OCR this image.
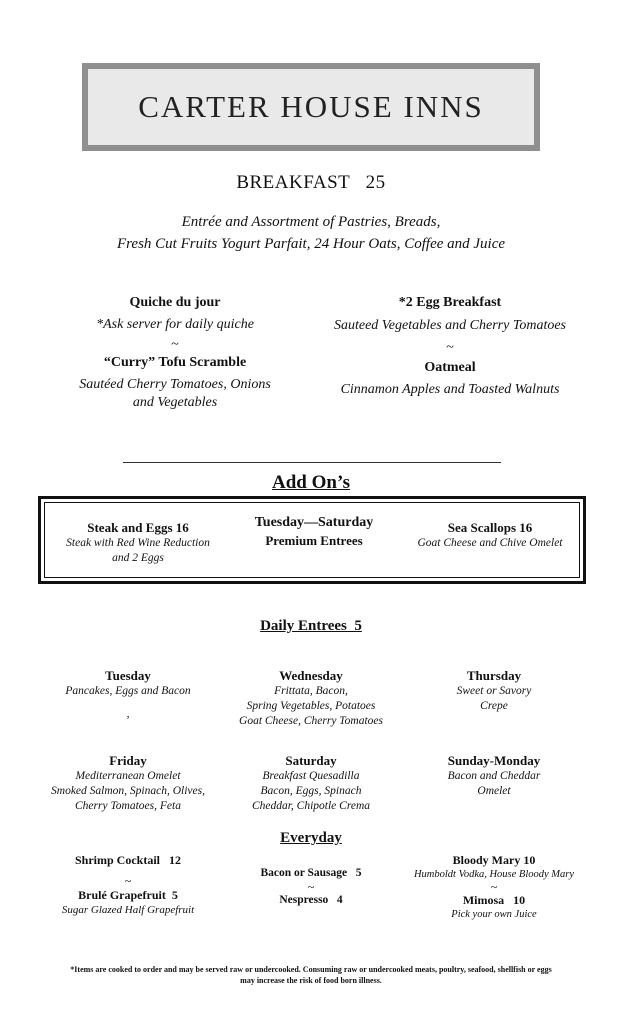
CARTER HOUSE INNS
BREAKFAST   25
Entrée and Assortment of Pastries, Breads,
Fresh Cut Fruits Yogurt Parfait, 24 Hour Oats, Coffee and Juice
Quiche du jour
*Ask server for daily quiche
~
“Curry” Tofu Scramble
Sautéed Cherry Tomatoes, Onions
and Vegetables
*2 Egg Breakfast
Sauteed Vegetables and Cherry Tomatoes
~
Oatmeal
Cinnamon Apples and Toasted Walnuts
Add On’s
Steak and Eggs 16
Steak with Red Wine Reduction
and 2 Eggs
Tuesday—Saturday
Premium Entrees
Sea Scallops 16
Goat Cheese and Chive Omelet
Daily Entrees  5
Tuesday
Pancakes, Eggs and Bacon
,
Wednesday
Frittata, Bacon,
Spring Vegetables, Potatoes
Goat Cheese, Cherry Tomatoes
Thursday
Sweet or Savory
Crepe
Friday
Mediterranean Omelet
Smoked Salmon, Spinach, Olives,
Cherry Tomatoes, Feta
Saturday
Breakfast Quesadilla
Bacon, Eggs, Spinach
Cheddar, Chipotle Crema
Sunday-Monday
Bacon and Cheddar
Omelet
Everyday
Shrimp Cocktail   12
~
Brulé Grapefruit  5
Sugar Glazed Half Grapefruit
Bacon or Sausage   5
~
Nespresso   4
Bloody Mary 10
Humboldt Vodka, House Bloody Mary
~
Mimosa   10
Pick your own Juice
*Items are cooked to order and may be served raw or undercooked. Consuming raw or undercooked meats, poultry, seafood, shellfish or eggs
may increase the risk of food born illness.
